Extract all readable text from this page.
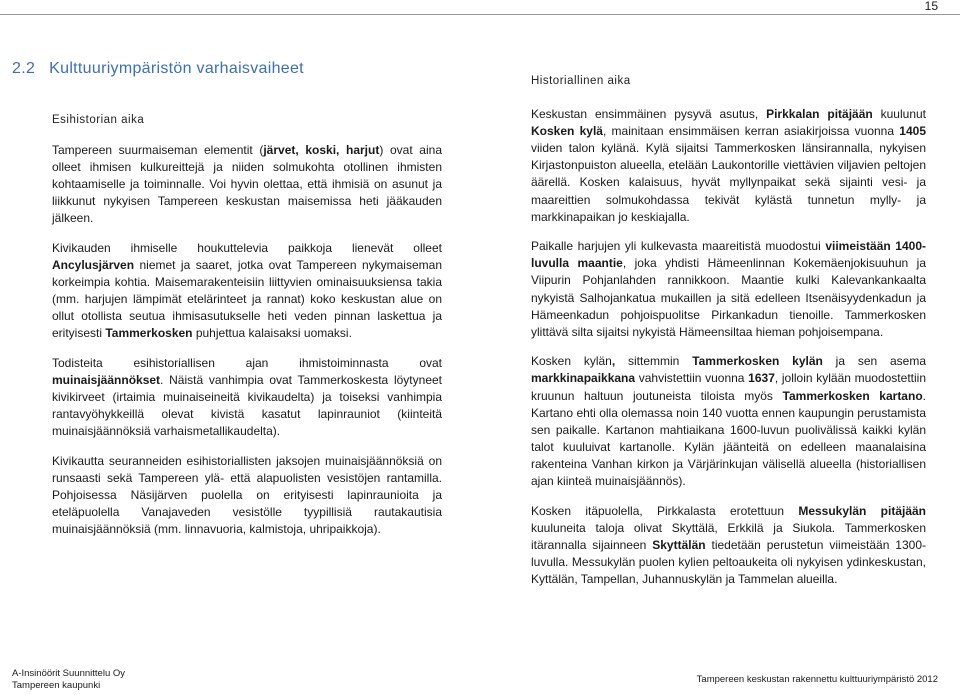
15
2.2 Kulttuuriympäristön varhaisvaiheet
Esihistorian aika

Tampereen suurmaiseman elementit (järvet, koski, harjut) ovat aina olleet ihmisen kulkureittejä ja niiden solmukohta otollinen ihmisten kohtaamiselle ja toiminnalle. Voi hyvin olettaa, että ihmisiä on asunut ja liikkunut nykyisen Tampereen keskustan maisemissa heti jääkauden jälkeen.

Kivikauden ihmiselle houkuttelevia paikkoja lienevät olleet Ancylusjärven niemet ja saaret, jotka ovat Tampereen nykymaiseman korkeimpia kohtia. Maisemarakenteisiin liittyvien ominaisuuksiensa takia (mm. harjujen lämpimät etelärinteet ja rannat) koko keskustan alue on ollut otollista seutua ihmisasutukselle heti veden pinnan laskettua ja erityisesti Tammerkosken puhjettua kalaisaksi uomaksi.

Todisteita esihistoriallisen ajan ihmistoiminnasta ovat muinaisjäännökset. Näistä vanhimpia ovat Tammerkoskesta löytyneet kivikirveet (irtaimia muinaiseineitä kivikaudelta) ja toiseksi vanhimpia rantavyöhykkeillä olevat kivistä kasatut lapinrauniot (kiinteitä muinaisjäännöksiä varhaismetallikaudelta).

Kivikautta seuranneiden esihistoriallisten jaksojen muinaisjäännöksiä on runsaasti sekä Tampereen ylä- että alapuolisten vesistöjen rantamilla. Pohjoisessa Näsijärven puolella on erityisesti lapinraunioita ja eteläpuolella Vanajaveden vesistölle tyypillisiä rautakautisia muinaisjäännöksiä (mm. linnavuoria, kalmistoja, uhripaikkoja).

Historiallinen aika

Keskustan ensimmäinen pysyvä asutus, Pirkkalan pitäjään kuulunut Kosken kylä, mainitaan ensimmäisen kerran asiakirjoissa vuonna 1405 viiden talon kylänä. Kylä sijaitsi Tammerkosken länsirannalla, nykyisen Kirjastonpuiston alueella, etelään Laukontorille viettävien viljavien peltojen äärellä. Kosken kalaisuus, hyvät myllynpaikat sekä sijainti vesi- ja maareittien solmukohdassa tekivät kylästä tunnetun mylly- ja markkinapaikan jo keskiajalla.

Paikalle harjujen yli kulkevasta maareitistä muodostui viimeistään 1400-luvulla maantie, joka yhdisti Hämeenlinnan Kokemäenjokisuuhun ja Viipurin Pohjanlahden rannikkoon. Maantie kulki Kalevankankaalta nykyistä Salhojankatua mukaillen ja sitä edelleen Itsenäisyydenkadun ja Hämeenkadun pohjoispuolitse Pirkankadun tienoille. Tammerkosken ylittävä silta sijaitsi nykyistä Hämeensiltaa hieman pohjoisempana.

Kosken kylän, sittemmin Tammerkosken kylän ja sen asema markkinapaikkana vahvistettiin vuonna 1637, jolloin kylään muodostettiin kruunun haltuun joutuneista tiloista myös Tammerkosken kartano. Kartano ehti olla olemassa noin 140 vuotta ennen kaupungin perustamista sen paikalle. Kartanon mahtiaikana 1600-luvun puolivälissä kaikki kylän talot kuuluivat kartanolle. Kylän jäänteitä on edelleen maanalaisina rakenteina Vanhan kirkon ja Värjärinkujan välisellä alueella (historiallisen ajan kiinteä muinaisjäännös).

Kosken itäpuolella, Pirkkalasta erotettuun Messukylän pitäjään kuuluneita taloja olivat Skyttälä, Erkkilä ja Siukola. Tammerkosken itärannalla sijainneen Skyttälän tiedetään perustetun viimeistään 1300-luvulla. Messukylän puolen kylien peltoaukeita oli nykyisen ydinkeskustan, Kyttälän, Tampellan, Juhannuskylän ja Tammelan alueilla.

A-Insinöörit Suunnittelu Oy
Tampereen kaupunki
Tampereen keskustan rakennettu kulttuuriympäristö 2012
